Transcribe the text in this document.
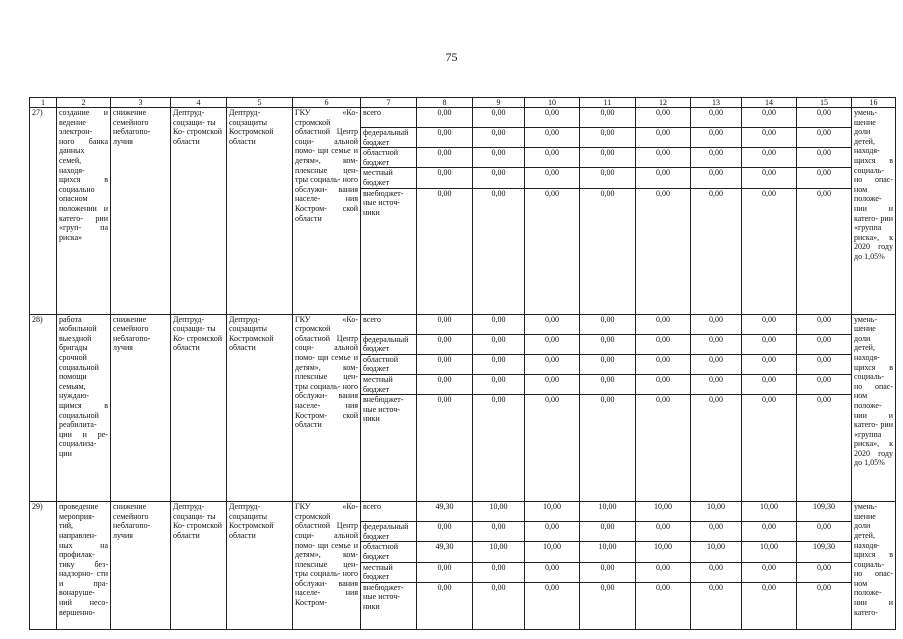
75
1	2	3	4	5	6	7	8	9	10	11	12	13	14	15	16
27)	создание и ведение электрон- ного банка данных семей, находя- щихся в социально опасном положении и катего- рии «груп- па риска»	снижение семейного неблагопо- лучия	Дептруд- соцзащи- ты Ко- стромской области	Дептруд- соцзащиты Костромской области	ГКУ «Ко- стромской областной Центр соци- альной помо- щи семье и детям», ком- плексные цен- тры социаль- ного обслужи- вания населе- ния Костром- ской области	всего	0,00	0,00	0,00	0,00	0,00	0,00	0,00	0,00	умень- шение доли детей, находя- щихся в социаль- но опас- ном положе- нии и катего- рии «группа риска», к 2020 году до 1,05%
						федеральный бюджет	0,00	0,00	0,00	0,00	0,00	0,00	0,00	0,00	
						областной бюджет	0,00	0,00	0,00	0,00	0,00	0,00	0,00	0,00	
						местный бюджет	0,00	0,00	0,00	0,00	0,00	0,00	0,00	0,00	
						внебюджет- ные источ- ники	0,00	0,00	0,00	0,00	0,00	0,00	0,00	0,00	
28)	работа мобильной выездной бригады срочной социальной помощи семьям, нуждаю- щимся в социальной реабилита- ции и ре- социализа- ции	снижение семейного неблагопо- лучия	Дептруд- соцзащи- ты Ко- стромской области	Дептруд- соцзащиты Костромской области	ГКУ «Ко- стромской областной Центр соци- альной помо- щи семье и детям», ком- плексные цен- тры социаль- ного обслужи- вания населе- ния Костром- ской области	всего	0,00	0,00	0,00	0,00	0,00	0,00	0,00	0,00	умень- шение доли детей, находя- щихся в социаль- но опас- ном положе- нии и катего- рии «группа риска», к 2020 году до 1,05%
						федеральный бюджет	0,00	0,00	0,00	0,00	0,00	0,00	0,00	0,00	
						областной бюджет	0,00	0,00	0,00	0,00	0,00	0,00	0,00	0,00	
						местный бюджет	0,00	0,00	0,00	0,00	0,00	0,00	0,00	0,00	
						внебюджет- ные источ- ники	0,00	0,00	0,00	0,00	0,00	0,00	0,00	0,00	
29)	проведение мероприя- тий, направлен- ных на профилак- тику без- надзорно- сти и пра- вонаруше- ний несо- вершенно-	снижение семейного неблагопо- лучия	Дептруд- соцзащи- ты Ко- стромской области	Дептруд- соцзащиты Костромской области	ГКУ «Ко- стромской областной Центр соци- альной помо- щи семье и детям», ком- плексные цен- тры социаль- ного обслужи- вания населе- ния Костром-	всего	49,30	10,00	10,00	10,00	10,00	10,00	10,00	109,30	умень- шение доли детей, находя- щихся в социаль- но опас- ном положе- нии и катего-
						федеральный бюджет	0,00	0,00	0,00	0,00	0,00	0,00	0,00	0,00	
						областной бюджет	49,30	10,00	10,00	10,00	10,00	10,00	10,00	109,30	
						местный бюджет	0,00	0,00	0,00	0,00	0,00	0,00	0,00	0,00	
						внебюджет- ные источ- ники	0,00	0,00	0,00	0,00	0,00	0,00	0,00	0,00	
